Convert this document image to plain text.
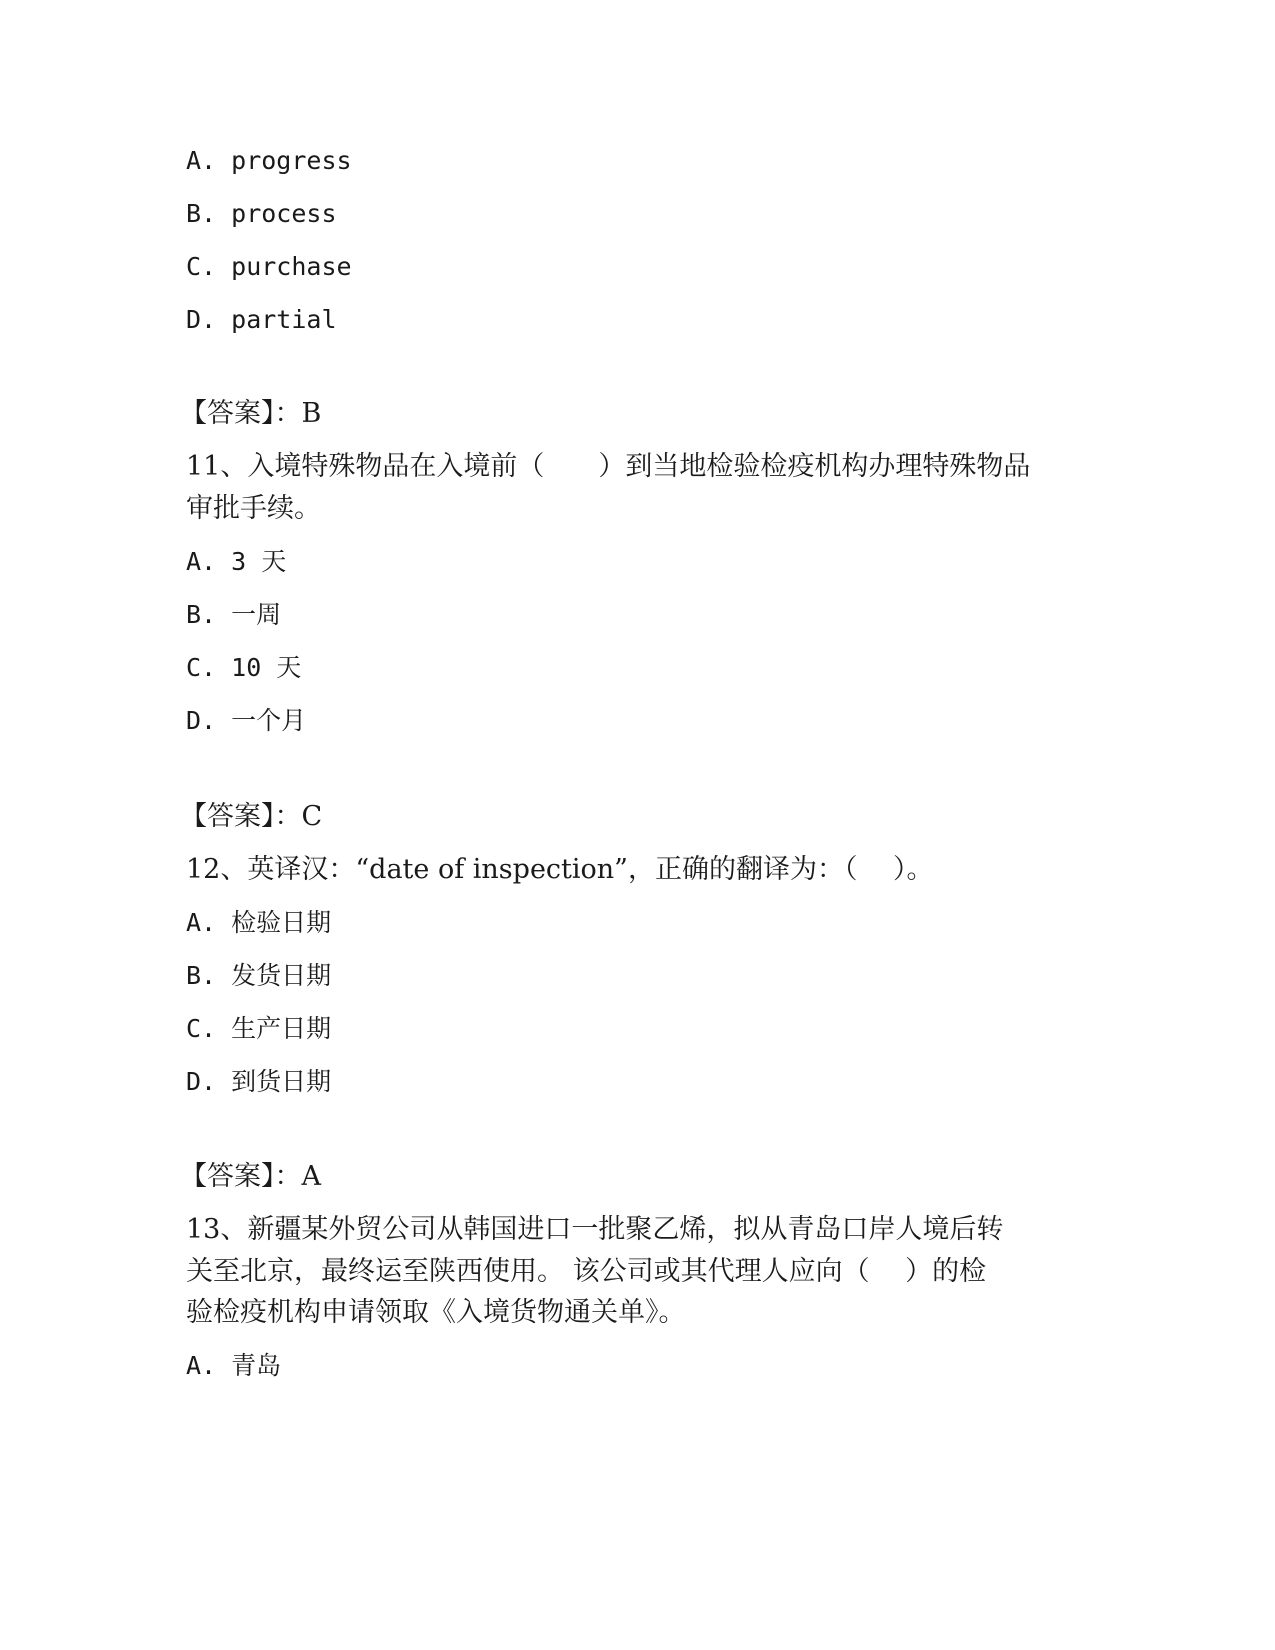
A. progress
B. process
C. purchase
D. partial
【答案】：B
11、入境特殊物品在入境前（　　）到当地检验检疫机构办理特殊物品
审批手续。
A. 3 天
B. 一周
C. 10 天
D. 一个月
【答案】：C
12、英译汉：“date of inspection”，正确的翻译为：（　 ）。
A. 检验日期
B. 发货日期
C. 生产日期
D. 到货日期
【答案】：A
13、新疆某外贸公司从韩国进口一批聚乙烯，拟从青岛口岸人境后转
关至北京，最终运至陕西使用。 该公司或其代理人应向（　 ）的检
验检疫机构申请领取《入境货物通关单》。
A. 青岛
